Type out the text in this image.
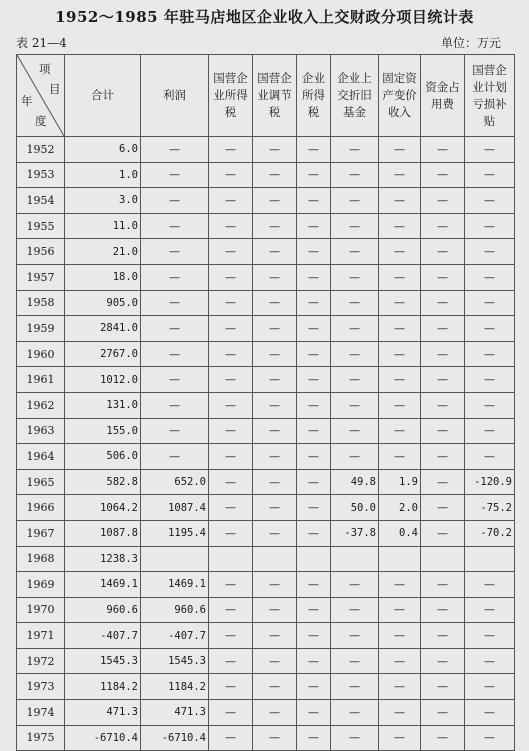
1952～1985 年驻马店地区企业收入上交财政分项目统计表
表 21—4	单位：万元
项
目
年
度	合计	利润	国营企业所得税	国营企业调节税	企业所得税	企业上交折旧基金	固定资产变价收入	资金占用费	国营企业计划亏损补贴
1952	6.0	—	—	—	—	—	—	—	—
1953	1.0	—	—	—	—	—	—	—	—
1954	3.0	—	—	—	—	—	—	—	—
1955	11.0	—	—	—	—	—	—	—	—
1956	21.0	—	—	—	—	—	—	—	—
1957	18.0	—	—	—	—	—	—	—	—
1958	905.0	—	—	—	—	—	—	—	—
1959	2841.0	—	—	—	—	—	—	—	—
1960	2767.0	—	—	—	—	—	—	—	—
1961	1012.0	—	—	—	—	—	—	—	—
1962	131.0	—	—	—	—	—	—	—	—
1963	155.0	—	—	—	—	—	—	—	—
1964	506.0	—	—	—	—	—	—	—	—
1965	582.8	652.0	—	—	—	49.8	1.9	—	-120.9
1966	1064.2	1087.4	—	—	—	50.0	2.0	—	-75.2
1967	1087.8	1195.4	—	—	—	-37.8	0.4	—	-70.2
1968	1238.3								
1969	1469.1	1469.1	—	—	—	—	—	—	—
1970	960.6	960.6	—	—	—	—	—	—	—
1971	-407.7	-407.7	—	—	—	—	—	—	—
1972	1545.3	1545.3	—	—	—	—	—	—	—
1973	1184.2	1184.2	—	—	—	—	—	—	—
1974	471.3	471.3	—	—	—	—	—	—	—
1975	-6710.4	-6710.4	—	—	—	—	—	—	—
